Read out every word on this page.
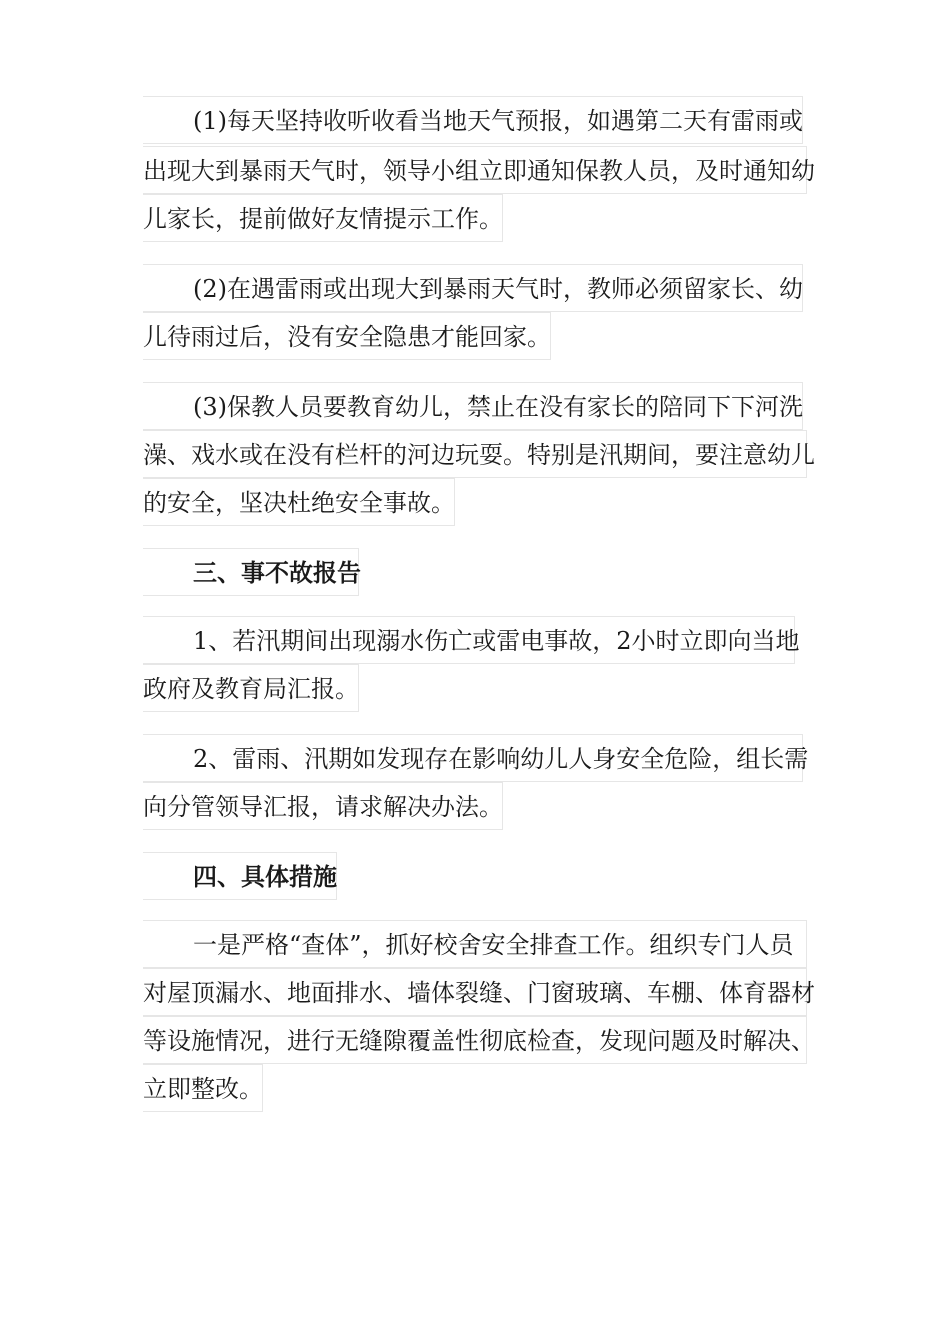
(1)每天坚持收听收看当地天气预报，如遇第二天有雷雨或
出现大到暴雨天气时，领导小组立即通知保教人员，及时通知幼
儿家长，提前做好友情提示工作。
(2)在遇雷雨或出现大到暴雨天气时，教师必须留家长、幼
儿待雨过后，没有安全隐患才能回家。
(3)保教人员要教育幼儿，禁止在没有家长的陪同下下河洗
澡、戏水或在没有栏杆的河边玩耍。特别是汛期间，要注意幼儿
的安全，坚决杜绝安全事故。
三、事不故报告
1、若汛期间出现溺水伤亡或雷电事故，2小时立即向当地
政府及教育局汇报。
2、雷雨、汛期如发现存在影响幼儿人身安全危险，组长需
向分管领导汇报，请求解决办法。
四、具体措施
一是严格“查体”，抓好校舍安全排查工作。组织专门人员
对屋顶漏水、地面排水、墙体裂缝、门窗玻璃、车棚、体育器材
等设施情况，进行无缝隙覆盖性彻底检查，发现问题及时解决、
立即整改。
